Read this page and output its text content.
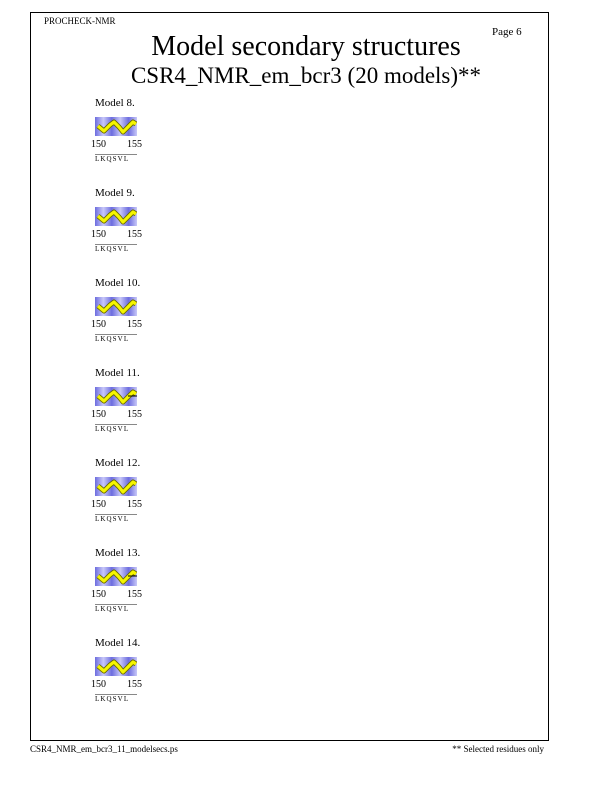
PROCHECK-NMR
Page 6
Model secondary structures
CSR4_NMR_em_bcr3 (20 models)**
Model 8.
150 155
LKQSVL
Model 9.
150 155
LKQSVL
Model 10.
150 155
LKQSVL
Model 11.
150 155
LKQSVL
Model 12.
150 155
LKQSVL
Model 13.
150 155
LKQSVL
Model 14.
150 155
LKQSVL
CSR4_NMR_em_bcr3_11_modelsecs.ps	** Selected residues only
